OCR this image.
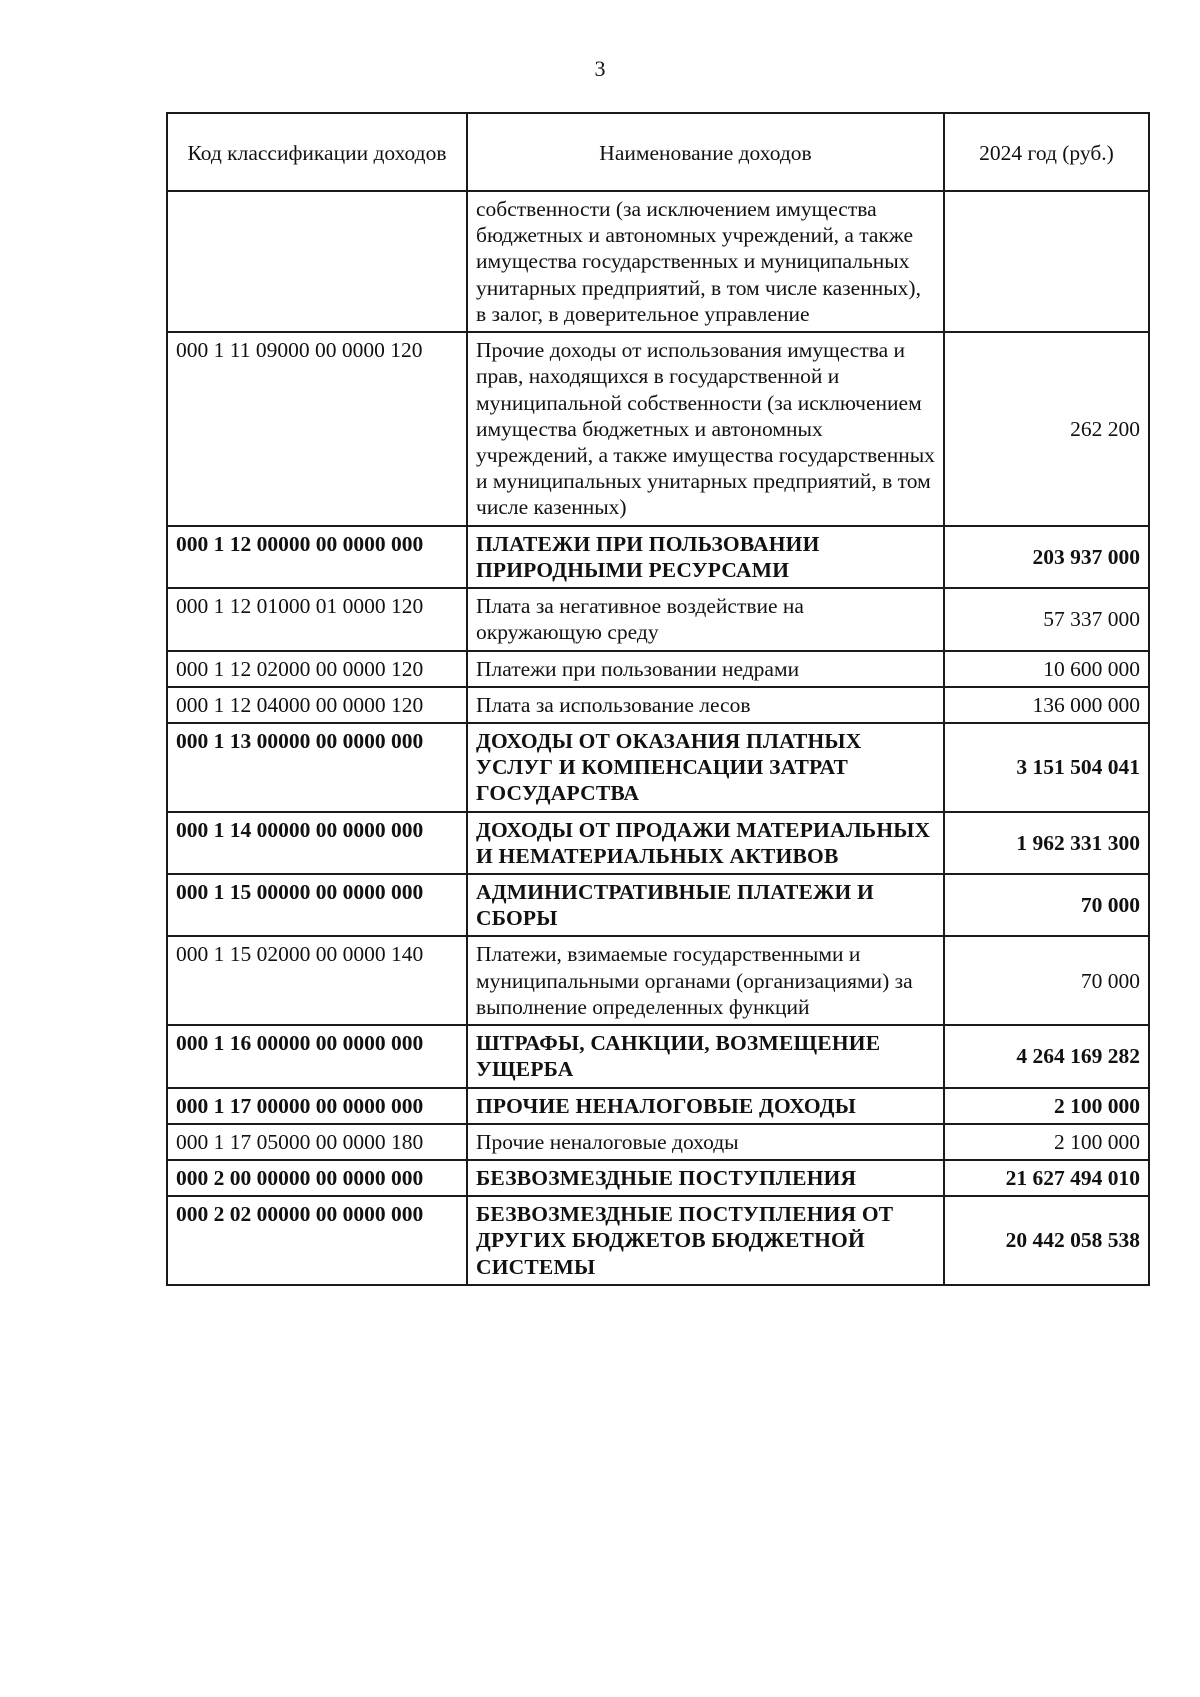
3
Код классификации доходов	Наименование доходов	2024 год (руб.)
	собственности (за исключением имущества бюджетных и автономных учреждений, а также имущества государственных и муниципальных унитарных предприятий, в том числе казенных), в залог, в доверительное управление	
000 1 11 09000 00 0000 120	Прочие доходы от использования имущества и прав, находящихся в государственной и муниципальной собственности (за исключением имущества бюджетных и автономных учреждений, а также имущества государственных и муниципальных унитарных предприятий, в том числе казенных)	262 200
000 1 12 00000 00 0000 000	ПЛАТЕЖИ ПРИ ПОЛЬЗОВАНИИ ПРИРОДНЫМИ РЕСУРСАМИ	203 937 000
000 1 12 01000 01 0000 120	Плата за негативное воздействие на окружающую среду	57 337 000
000 1 12 02000 00 0000 120	Платежи при пользовании недрами	10 600 000
000 1 12 04000 00 0000 120	Плата за использование лесов	136 000 000
000 1 13 00000 00 0000 000	ДОХОДЫ ОТ ОКАЗАНИЯ ПЛАТНЫХ УСЛУГ И КОМПЕНСАЦИИ ЗАТРАТ ГОСУДАРСТВА	3 151 504 041
000 1 14 00000 00 0000 000	ДОХОДЫ ОТ ПРОДАЖИ МАТЕРИАЛЬНЫХ И НЕМАТЕРИАЛЬНЫХ АКТИВОВ	1 962 331 300
000 1 15 00000 00 0000 000	АДМИНИСТРАТИВНЫЕ ПЛАТЕЖИ И СБОРЫ	70 000
000 1 15 02000 00 0000 140	Платежи, взимаемые государственными и муниципальными органами (организациями) за выполнение определенных функций	70 000
000 1 16 00000 00 0000 000	ШТРАФЫ, САНКЦИИ, ВОЗМЕЩЕНИЕ УЩЕРБА	4 264 169 282
000 1 17 00000 00 0000 000	ПРОЧИЕ НЕНАЛОГОВЫЕ ДОХОДЫ	2 100 000
000 1 17 05000 00 0000 180	Прочие неналоговые доходы	2 100 000
000 2 00 00000 00 0000 000	БЕЗВОЗМЕЗДНЫЕ ПОСТУПЛЕНИЯ	21 627 494 010
000 2 02 00000 00 0000 000	БЕЗВОЗМЕЗДНЫЕ ПОСТУПЛЕНИЯ ОТ ДРУГИХ БЮДЖЕТОВ БЮДЖЕТНОЙ СИСТЕМЫ	20 442 058 538
